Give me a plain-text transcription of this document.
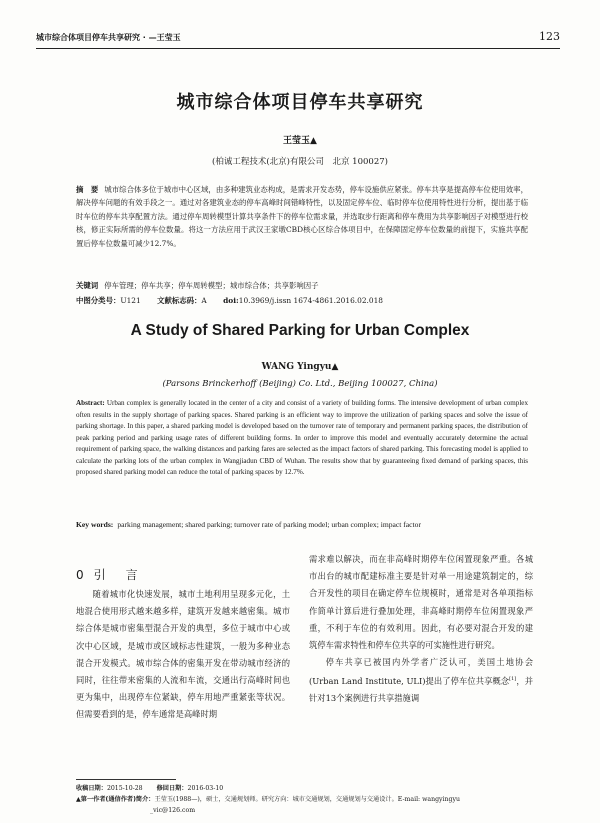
城市综合体项目停车共享研究 · —王莹玉	123
城市综合体项目停车共享研究
王莹玉▲
(柏诚工程技术(北京)有限公司　北京 100027)
摘　要 城市综合体多位于城市中心区域，由多种建筑业态构成，是需求开发态势，停车设施供应紧张。停车共享是提高停车位使用效率，解决停车问题的有效手段之一。通过对各建筑业态的停车高峰时间错峰特性，以及固定停车位、临时停车位使用特性进行分析，提出基于临时车位的停车共享配置方法。通过停车周转模型计算共享条件下的停车位需求量，并选取步行距离和停车费用为共享影响因子对模型进行校核，修正实际所需的停车位数量。将这一方法应用于武汉王家墩CBD核心区综合体项目中，在保障固定停车位数量的前提下，实施共享配置后停车位数量可减少12.7%。
关键词 停车管理；停车共享；停车周转模型；城市综合体；共享影响因子
中图分类号：U121 文献标志码：A doi:10.3969/j.issn 1674-4861.2016.02.018
A Study of Shared Parking for Urban Complex
WANG Yingyu▲
(Parsons Brinckerhoff (Beijing) Co. Ltd., Beijing 100027, China)
Abstract: Urban complex is generally located in the center of a city and consist of a variety of building forms. The intensive development of urban complex often results in the supply shortage of parking spaces. Shared parking is an efficient way to improve the utilization of parking spaces and solve the issue of parking shortage. In this paper, a shared parking model is developed based on the turnover rate of temporary and permanent parking spaces, the distribution of peak parking period and parking usage rates of different building forms. In order to improve this model and eventually accurately determine the actual requirement of parking space, the walking distances and parking fares are selected as the impact factors of shared parking. This forecasting model is applied to calculate the parking lots of the urban complex in Wangjiadun CBD of Wuhan. The results show that by guaranteeing fixed demand of parking spaces, this proposed shared parking model can reduce the total of parking spaces by 12.7%.
Key words: parking management; shared parking; turnover rate of parking model; urban complex; impact factor
0 引　言

随着城市化快速发展，城市土地利用呈现多元化，土地混合使用形式越来越多样，建筑开发越来越密集。城市综合体是城市密集型混合开发的典型，多位于城市中心或次中心区域，是城市或区域标志性建筑，一般为多种业态混合开发模式。城市综合体的密集开发在带动城市经济的同时，往往带来密集的人流和车流，交通出行高峰时间也更为集中，出现停车位紧缺，停车用地严重紧张等状况。但需要看到的是，停车通常是高峰时期

需求难以解决，而在非高峰时期停车位闲置现象严重。各城市出台的城市配建标准主要是针对单一用途建筑制定的，综合开发性的项目在确定停车位规模时，通常是对各单项指标作简单计算后进行叠加处理，非高峰时期停车位闲置现象严重，不利于车位的有效利用。因此，有必要对混合开发的建筑停车需求特性和停车位共享的可实施性进行研究。

停车共享已被国内外学者广泛认可，美国土地协会(Urban Land Institute, ULI)提出了停车位共享概念[1]，并针对13个案例进行共享措施调

收稿日期：2015-10-28 修回日期：2016-03-10
▲第一作者(通信作者)简介：王莹玉(1988—)，硕士，交通规划师。研究方向：城市交通规划，交通规划与交通设计。E-mail: wangyingyu
_vic@126.com
